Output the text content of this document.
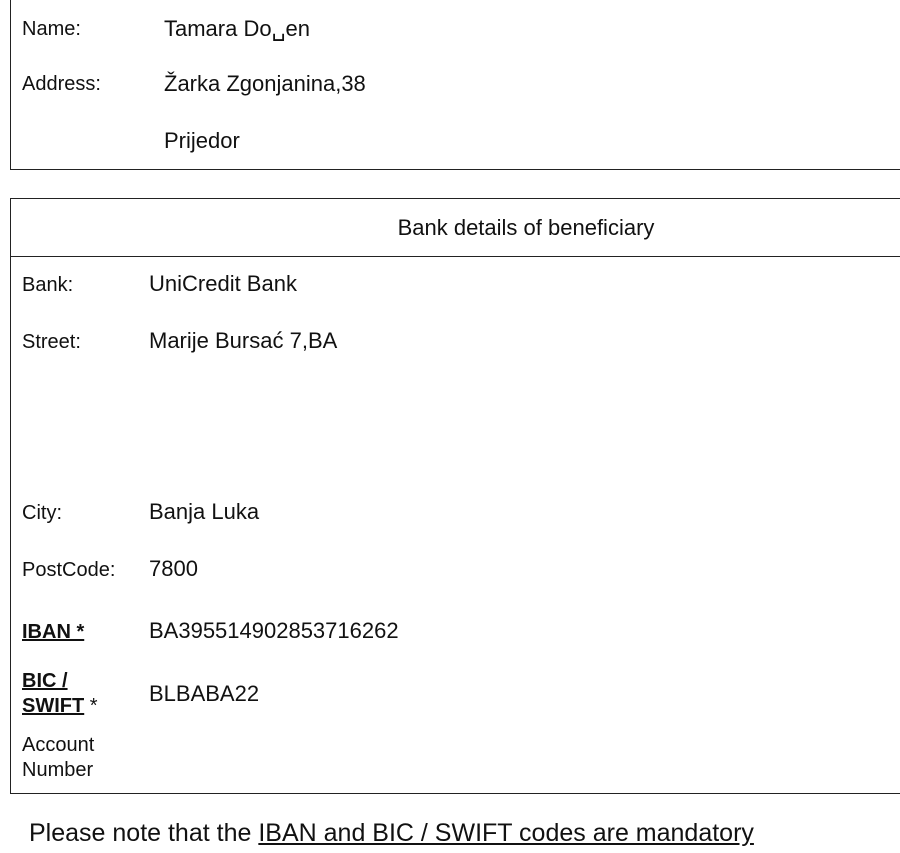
Name:	Tamara Do␣en
Address:	Žarka Zgonjanina,38
Prijedor
Bank details of beneficiary
Bank:	UniCredit Bank
Street:	Marije Bursać 7,BA
City:	Banja Luka
PostCode: 7800
IBAN *	BA395514902853716262
BIC /
SWIFT * BLBABA22
Account
Number
Please note that the IBAN and BIC / SWIFT codes are mandatory
